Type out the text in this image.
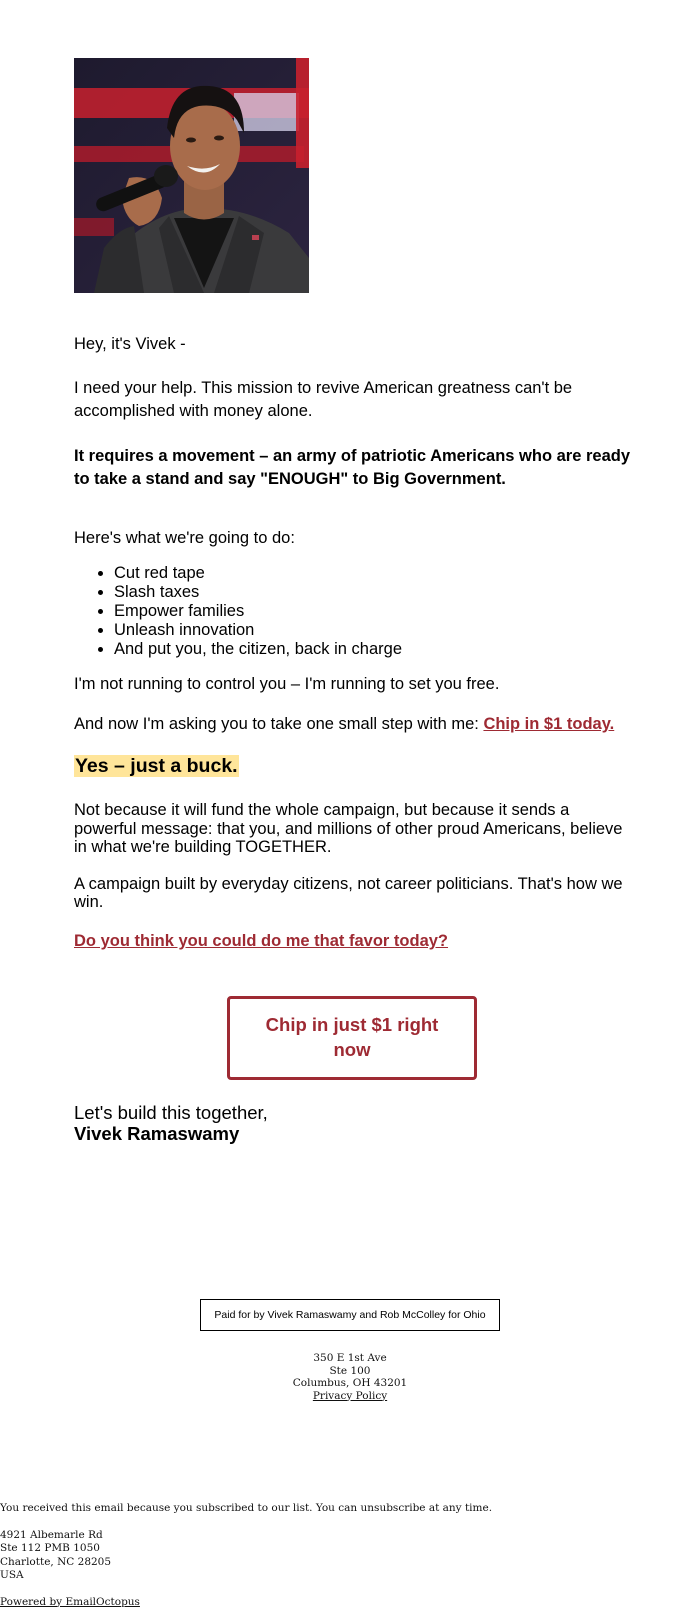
Hey, it's Vivek -

I need your help. This mission to revive American greatness can't be accomplished with money alone.

It requires a movement – an army of patriotic Americans who are ready to take a stand and say "ENOUGH" to Big Government.

Here's what we're going to do:

• Cut red tape
• Slash taxes
• Empower families
• Unleash innovation
• And put you, the citizen, back in charge

I'm not running to control you – I'm running to set you free.

And now I'm asking you to take one small step with me: Chip in $1 today.

Yes – just a buck.

Not because it will fund the whole campaign, but because it sends a powerful message: that you, and millions of other proud Americans, believe in what we're building TOGETHER.

A campaign built by everyday citizens, not career politicians. That's how we win.

Do you think you could do me that favor today?

Chip in just $1 right now
Let's build this together,
Vivek Ramaswamy
Paid for by Vivek Ramaswamy and Rob McColley for Ohio
350 E 1st Ave
Ste 100
Columbus, OH 43201
Privacy Policy
You received this email because you subscribed to our list. You can unsubscribe at any time.
4921 Albemarle Rd
Ste 112 PMB 1050
Charlotte, NC 28205
USA
Powered by EmailOctopus
